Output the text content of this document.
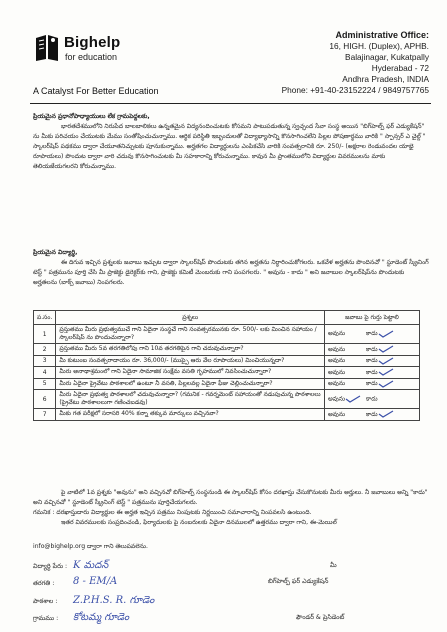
Bighelp
for education
A Catalyst For Better Education
Administrative Office:
16, HIGH. (Duplex), APHB.
Balajinagar, Kukatpally
Hyderabad - 72
Andhra Pradesh, INDIA
Phone: +91-40-23152224 / 9849757765
ప్రియమైన ప్రధానోపాధ్యాయులు లేక గ్రామపెద్దలకు,
భారతదేశములోని నిరుపేద బాలబాలికలు ఉన్నతమైన విద్యనందించుటకు కోసమని పాటుపడుతున్న స్వచ్ఛంద సేవా సంస్థ అయిన "బిగ్‌హెల్ప్ ఫర్ ఎడ్యుకేషన్" ను మీకు పరిచయం చేయుటకు మేము సంతోషించుచున్నాము. ఆర్థిక పరిస్థితి ఇబ్బందులతో విద్యాభ్యాసాన్ని కొనసాగించలేని పిల్లల పోషణార్థము వారికి " స్పాన్సర్ ఎ చైల్డ్ " స్కాలర్‌షిప్ పథకము ద్వారా చేయూతనిచ్చుటకు పూనుకున్నాము. అర్హతగల విద్యార్థులను ఎంపికచేసి వారికి సంవత్సరానికి రూ. 250/- (అక్షరాల రెండువందల యాభై రూపాయలు) పొందుట ద్వారా వారి చదువు కొనసాగించుటకు మీ సహకారాన్ని కోరుచున్నాము. కావున మీ ప్రాంతములోని విద్యార్థుల వివరములను మాకు తెలియజేయగలరని కోరుచున్నాము.
ప్రియమైన విద్యార్థి,
ఈ దిగువ ఇచ్చిన ప్రశ్నలకు జవాబు ఇచ్చుట ద్వారా స్కాలర్‌షిప్ పొందుటకు తగిన అర్హతను నిర్ధారించుకోగలరు. ఒకవేళ అర్హతను పొందినచో " స్టూడెంట్ స్క్రీనింగ్ టెస్ట్ " పత్రమును పూర్తి చేసి మీ ప్రాజెక్టు డైరెక్టర్‌కు గాని, ప్రాజెక్టు కమిటీ మెంబరుకు గాని పంపగలరు. " అవును - కాదు " అని జవాబుల స్కాలర్‌షిప్‌ను పొందుటకు అర్హతలను (బాక్స్ జవాబు) నింపగలరు.
ప.సం.	ప్రశ్నలు	జవాబు పై గుర్తు పెట్టాలి
1	ప్రస్తుతము మీరు ప్రభుత్వముచే గాని ఏదైనా సంస్థచే గాని సంవత్సరమునకు రూ. 500/- లకు మించిన సహాయం / స్కాలర్‌షిప్ ను పొందుచున్నారా?	అవును కాదు
2	ప్రస్తుతము మీరు 5వ తరగతిలోపు గాని 10వ తరగతిపైన గాని చదువుచున్నారా?	అవును కాదు
3	మీ కుటుంబ సంవత్సరాదాయం రూ. 36,000/- (ముప్పై ఆరు వేల రూపాయలు) మించియున్నదా?	అవును కాదు
4	మీరు అనాథాశ్రమంలో గాని ఏదైనా సామాజిక సంక్షేమ వసతి గృహములో నివసించుచున్నారా?	అవును కాదు
5	మీరు ఏదైనా ప్రైవేటు పాఠశాలలో ఉంటూ నీ వసతి, పిల్లలవల్ల ఏదైనా ఫీజు చెల్లించుచున్నారా?	అవును కాదు
6	మీరు ఏదైనా ప్రభుత్వ పాఠశాలలో చదువుచున్నారా? (గమనిక - గవర్నమెంట్ సహాయంతో నడుపుచున్న పాఠశాలలు (ప్రైవేటు పాఠశాలలుగా గణించబడవు)	అవును కాదు
7	మీకు గత పరీక్షలో సరాసరి 40% కన్నా తక్కువ మార్కులు వచ్చినవా?	అవును కాదు
పై వాటిలో 1వ ప్రశ్నకు "అవును" అని వచ్చినచో బిగ్‌హెల్ప్ సంస్థనుండి ఈ స్కాలర్‌షిప్ కోసం దరఖాస్తు చేసుకొనుటకు మీరు అర్హులు. నీ జవాబులు అన్ని "కాదు" అని వచ్చినచో " స్టూడెంట్ స్క్రీనింగ్ టెస్ట్ " పత్రమును పూర్తిచేయగలరు.
గమనిక : దరఖాస్తుదారు విద్యార్థుల ఈ అర్హత ఇచ్చిన పత్రము నింపుటకు నిర్ణయించి సమాచారాన్ని నింపవలసి ఉంటుంది.
ఇతర వివరములకు సంప్రదించండి, ఫిర్యాదులకు పై నంబరులకు ఏదైనా దినములలో ఉత్తరము ద్వారా గాని, ఈ-మెయిల్
info@bighelp.org ద్వారా గాని తెలుపవలెను.
విద్యార్థి పేరు : K మదన్
తరగతి : 8 - EM/A
పాఠశాల : Z.P.H.S. R. గూడెం
గ్రామము : కోటమ్మ గూడెం
మీ
బిగ్‌హెల్ప్ ఫర్ ఎడ్యుకేషన్
ఫౌండర్ & ప్రెసిడెంట్
